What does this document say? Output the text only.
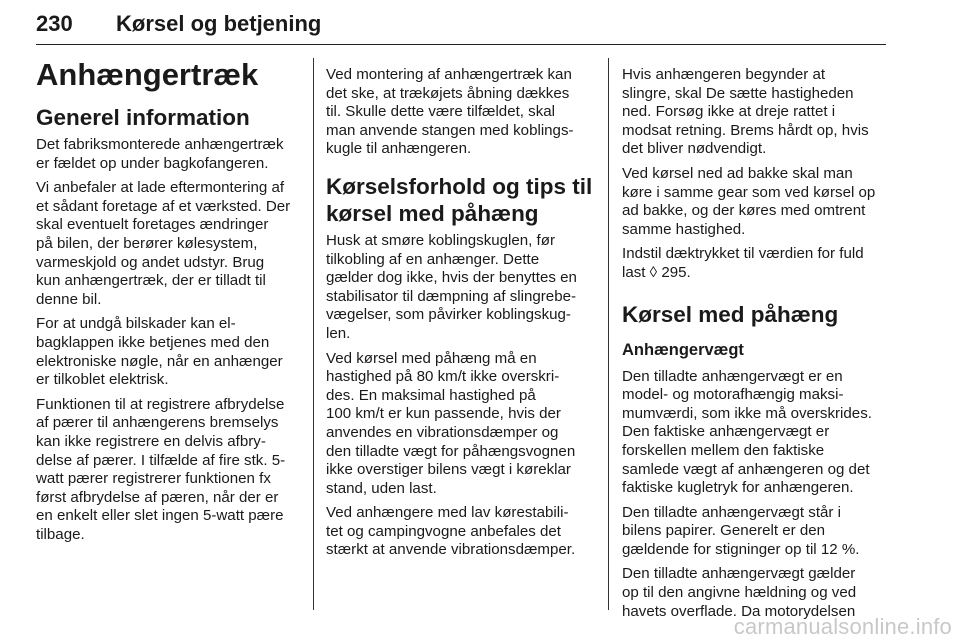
230 Kørsel og betjening
Anhængertræk
Generel information

Det fabriksmonterede anhængertræk
er fældet op under bagkofangeren.

Vi anbefaler at lade eftermontering af
et sådant foretage af et værksted. Der
skal eventuelt foretages ændringer
på bilen, der berører kølesystem,
varmeskjold og andet udstyr. Brug
kun anhængertræk, der er tilladt til
denne bil.

For at undgå bilskader kan el-
bagklappen ikke betjenes med den
elektroniske nøgle, når en anhænger
er tilkoblet elektrisk.

Funktionen til at registrere afbrydelse
af pærer til anhængerens bremselys
kan ikke registrere en delvis afbry-
delse af pærer. I tilfælde af fire stk. 5-
watt pærer registrerer funktionen fx
først afbrydelse af pæren, når der er
en enkelt eller slet ingen 5-watt pære
tilbage.

Ved montering af anhængertræk kan
det ske, at trækøjets åbning dækkes
til. Skulle dette være tilfældet, skal
man anvende stangen med koblings-
kugle til anhængeren.

Kørselsforhold og tips til
kørsel med påhæng

Husk at smøre koblingskuglen, før
tilkobling af en anhænger. Dette
gælder dog ikke, hvis der benyttes en
stabilisator til dæmpning af slingrebe-
vægelser, som påvirker koblingskug-
len.

Ved kørsel med påhæng må en
hastighed på 80 km/t ikke overskri-
des. En maksimal hastighed på
100 km/t er kun passende, hvis der
anvendes en vibrationsdæmper og
den tilladte vægt for påhængsvognen
ikke overstiger bilens vægt i køreklar
stand, uden last.

Ved anhængere med lav kørestabili-
tet og campingvogne anbefales det
stærkt at anvende vibrationsdæmper.

Hvis anhængeren begynder at
slingre, skal De sætte hastigheden
ned. Forsøg ikke at dreje rattet i
modsat retning. Brems hårdt op, hvis
det bliver nødvendigt.

Ved kørsel ned ad bakke skal man
køre i samme gear som ved kørsel op
ad bakke, og der køres med omtrent
samme hastighed.

Indstil dæktrykket til værdien for fuld
last ◊ 295.

Kørsel med påhæng
Anhængervægt

Den tilladte anhængervægt er en
model- og motorafhængig maksi-
mumværdi, som ikke må overskrides.
Den faktiske anhængervægt er
forskellen mellem den faktiske
samlede vægt af anhængeren og det
faktiske kugletryk for anhængeren.

Den tilladte anhængervægt står i
bilens papirer. Generelt er den
gældende for stigninger op til 12 %.

Den tilladte anhængervægt gælder
op til den angivne hældning og ved
havets overflade. Da motorydelsen

carmanualsonline.info
